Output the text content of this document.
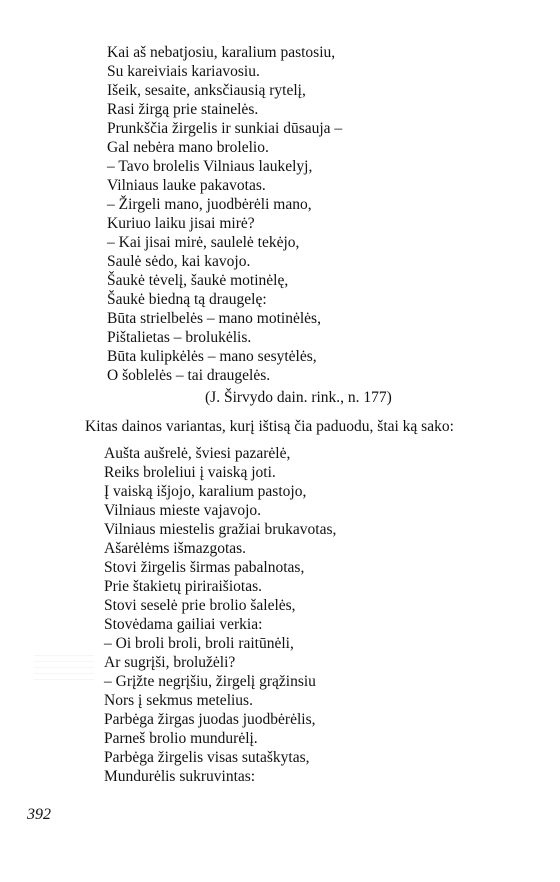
Kai aš nebatjosiu, karalium pastosiu,
Su kareiviais kariavosiu.
Išeik, sesaite, anksčiausią rytelį,
Rasi žirgą prie stainelės.
Prunkščia žirgelis ir sunkiai dūsauja –
Gal nebėra mano brolelio.
– Tavo brolelis Vilniaus laukelyj,
Vilniaus lauke pakavotas.
– Žirgeli mano, juodbėrėli mano,
Kuriuo laiku jisai mirė?
– Kai jisai mirė, saulelė tekėjo,
Saulė sėdo, kai kavojo.
Šaukė tėvelį, šaukė motinėlę,
Šaukė biedną tą draugelę:
Būta strielbelės – mano motinėlės,
Pištalietas – brolukėlis.
Būta kulipkėlės – mano sesytėlės,
O šoblelės – tai draugelės.
(J. Širvydo dain. rink., n. 177)
Kitas dainos variantas, kurį ištisą čia paduodu, štai ką sako:
Aušta aušrelė, šviesi pazarėlė,
Reiks broleliui į vaiską joti.
Į vaiską išjojo, karalium pastojo,
Vilniaus mieste vajavojo.
Vilniaus miestelis gražiai brukavotas,
Ašarėlėms išmazgotas.
Stovi žirgelis širmas pabalnotas,
Prie štakietų piriraišiotas.
Stovi seselė prie brolio šalelės,
Stovėdama gailiai verkia:
– Oi broli broli, broli raitūnėli,
Ar sugrįši, brolužėli?
– Grįžte negrįšiu, žirgelį grąžinsiu
Nors į sekmus metelius.
Parbėga žirgas juodas juodbėrėlis,
Parneš brolio mundurėlį.
Parbėga žirgelis visas sutaškytas,
Mundurėlis sukruvintas:
392
